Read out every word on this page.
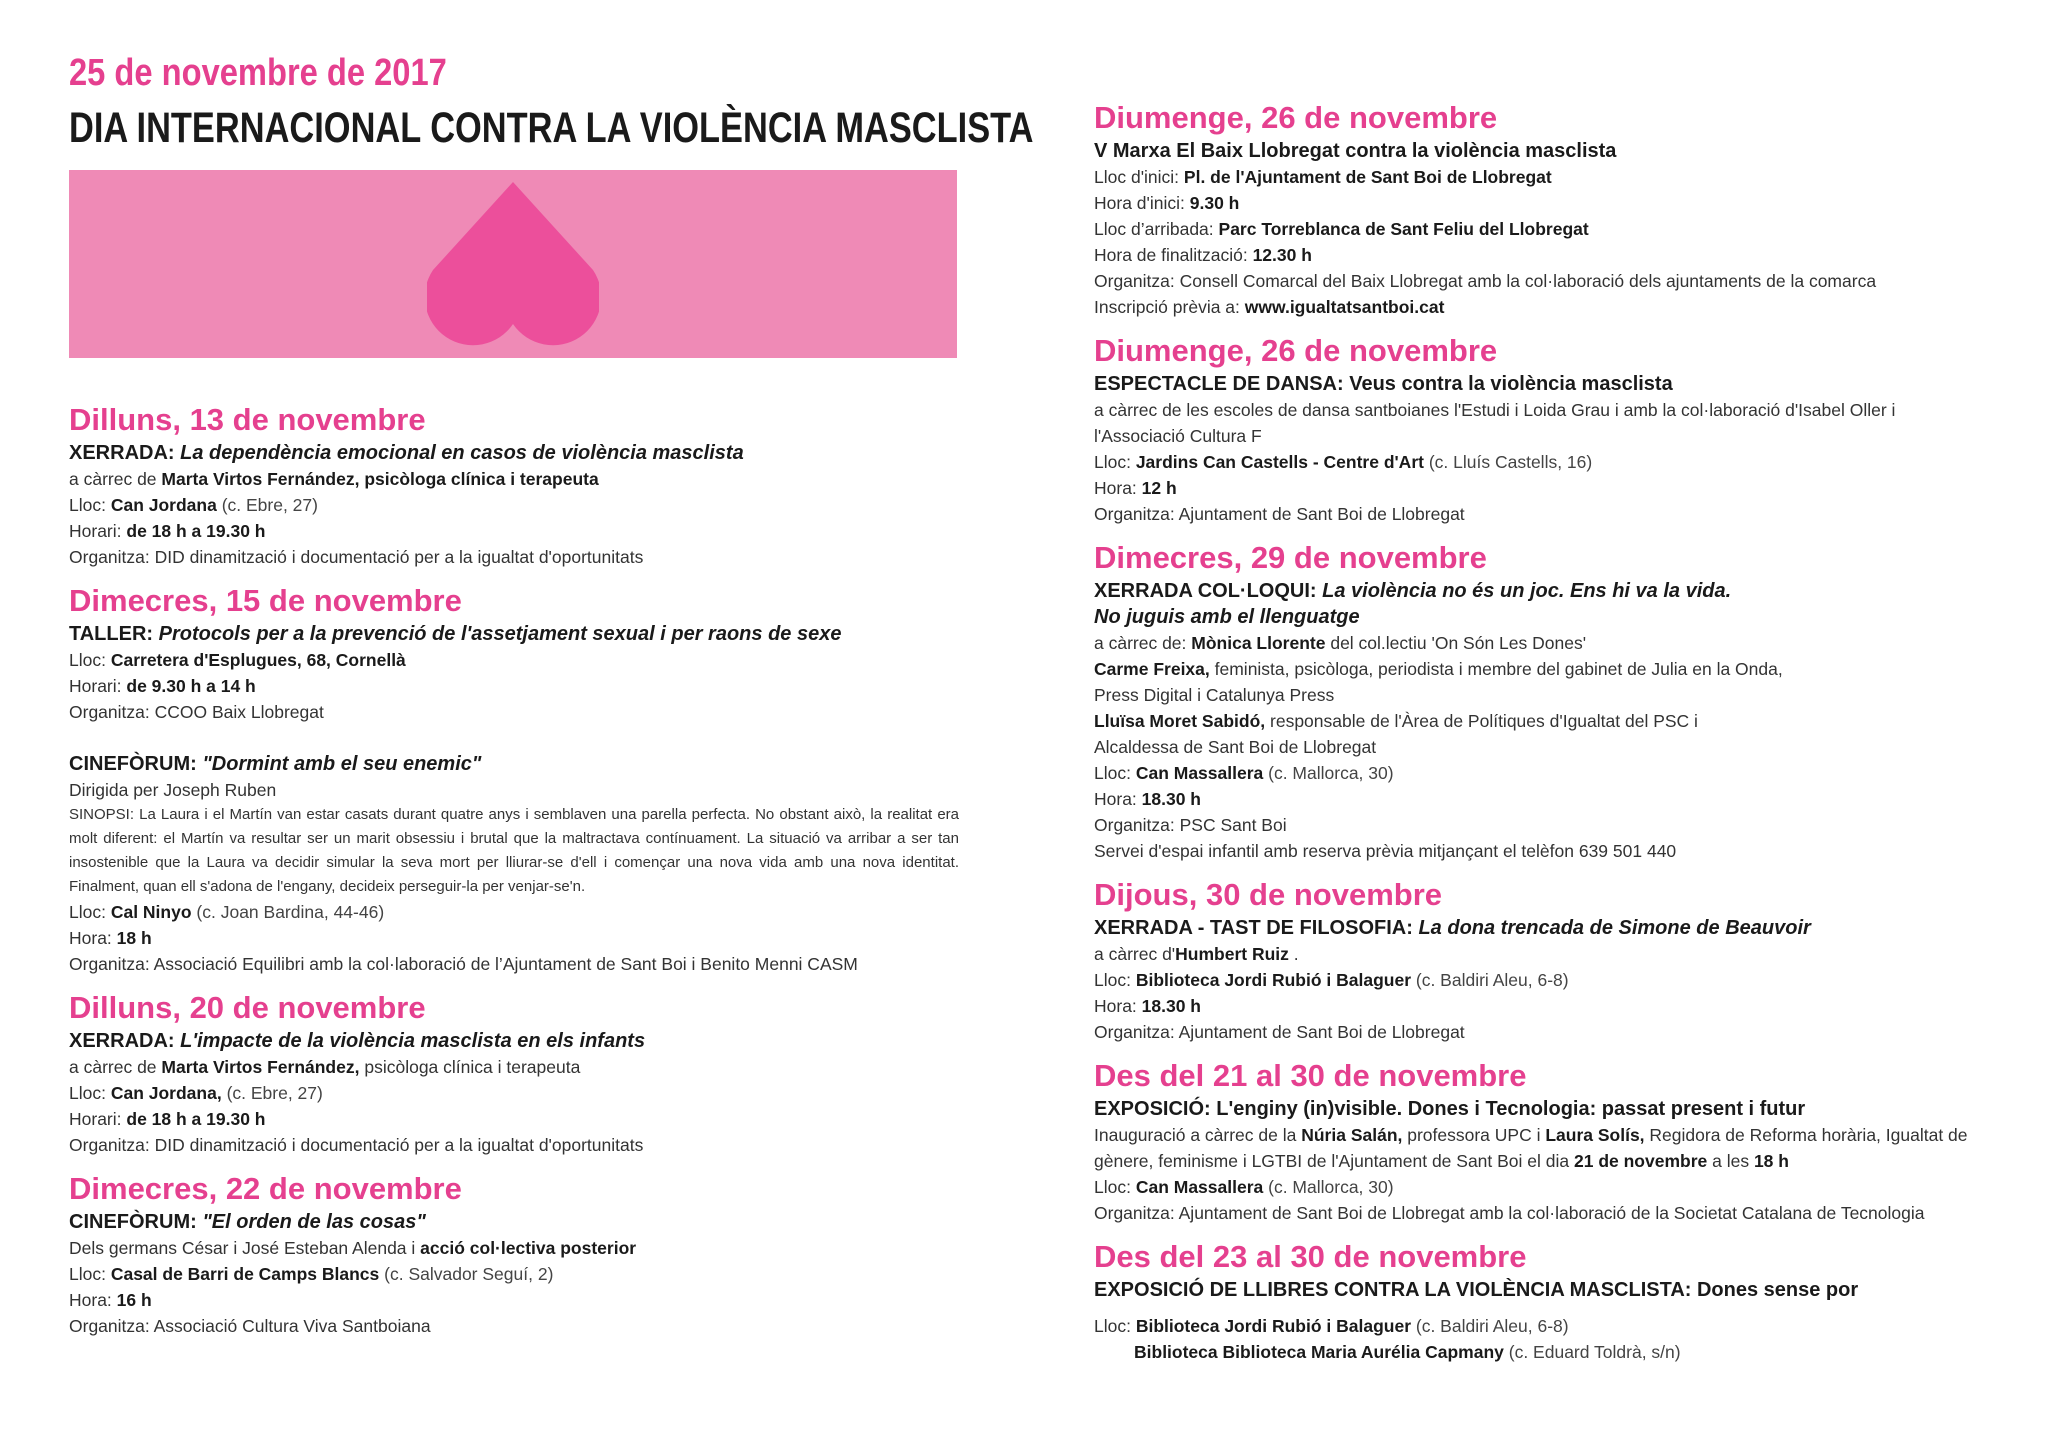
25 de novembre de 2017
DIA INTERNACIONAL CONTRA LA VIOLÈNCIA MASCLISTA
Dilluns, 13 de novembre
XERRADA: La dependència emocional en casos de violència masclista
a càrrec de Marta Virtos Fernández, psicòloga clínica i terapeuta
Lloc: Can Jordana (c. Ebre, 27)
Horari: de 18 h a 19.30 h
Organitza: DID dinamització i documentació per a la igualtat d'oportunitats
Dimecres, 15 de novembre
TALLER: Protocols per a la prevenció de l'assetjament sexual i per raons de sexe
Lloc: Carretera d'Esplugues, 68, Cornellà
Horari: de 9.30 h a 14 h
Organitza: CCOO Baix Llobregat
CINEFÒRUM: "Dormint amb el seu enemic"
Dirigida per Joseph Ruben
SINOPSI: La Laura i el Martín van estar casats durant quatre anys i semblaven una parella perfecta. No obstant això, la realitat era molt diferent: el Martín va resultar ser un marit obsessiu i brutal que la maltractava contínuament. La situació va arribar a ser tan insostenible que la Laura va decidir simular la seva mort per lliurar-se d'ell i començar una nova vida amb una nova identitat. Finalment, quan ell s'adona de l'engany, decideix perseguir-la per venjar-se'n.
Lloc: Cal Ninyo (c. Joan Bardina, 44-46)
Hora: 18 h
Organitza: Associació Equilibri amb la col·laboració de l’Ajuntament de Sant Boi i Benito Menni CASM
Dilluns, 20 de novembre
XERRADA: L'impacte de la violència masclista en els infants
a càrrec de Marta Virtos Fernández, psicòloga clínica i terapeuta
Lloc: Can Jordana, (c. Ebre, 27)
Horari: de 18 h a 19.30 h
Organitza: DID dinamització i documentació per a la igualtat d'oportunitats
Dimecres, 22 de novembre
CINEFÒRUM: "El orden de las cosas"
Dels germans César i José Esteban Alenda i acció col·lectiva posterior
Lloc: Casal de Barri de Camps Blancs (c. Salvador Seguí, 2)
Hora: 16 h
Organitza: Associació Cultura Viva Santboiana
Diumenge, 26 de novembre
V Marxa El Baix Llobregat contra la violència masclista
Lloc d'inici: Pl. de l'Ajuntament de Sant Boi de Llobregat
Hora d'inici: 9.30 h
Lloc d’arribada: Parc Torreblanca de Sant Feliu del Llobregat
Hora de finalització: 12.30 h
Organitza: Consell Comarcal del Baix Llobregat amb la col·laboració dels ajuntaments de la comarca
Inscripció prèvia a: www.igualtatsantboi.cat
Diumenge, 26 de novembre
ESPECTACLE DE DANSA: Veus contra la violència masclista
a càrrec de les escoles de dansa santboianes l'Estudi i Loida Grau i amb la col·laboració d'Isabel Oller i
l'Associació Cultura F
Lloc: Jardins Can Castells - Centre d'Art (c. Lluís Castells, 16)
Hora: 12 h
Organitza: Ajuntament de Sant Boi de Llobregat
Dimecres, 29 de novembre
XERRADA COL·LOQUI: La violència no és un joc. Ens hi va la vida.
No juguis amb el llenguatge
a càrrec de: Mònica Llorente del col.lectiu 'On Són Les Dones'
Carme Freixa, feminista, psicòloga, periodista i membre del gabinet de Julia en la Onda,
Press Digital i Catalunya Press
Lluïsa Moret Sabidó, responsable de l'Àrea de Polítiques d'Igualtat del PSC i
Alcaldessa de Sant Boi de Llobregat
Lloc: Can Massallera (c. Mallorca, 30)
Hora: 18.30 h
Organitza: PSC Sant Boi
Servei d'espai infantil amb reserva prèvia mitjançant el telèfon 639 501 440
Dijous, 30 de novembre
XERRADA - TAST DE FILOSOFIA: La dona trencada de Simone de Beauvoir
a càrrec d'Humbert Ruiz .
Lloc: Biblioteca Jordi Rubió i Balaguer (c. Baldiri Aleu, 6-8)
Hora: 18.30 h
Organitza: Ajuntament de Sant Boi de Llobregat
Des del 21 al 30 de novembre
EXPOSICIÓ: L'enginy (in)visible. Dones i Tecnologia: passat present i futur
Inauguració a càrrec de la Núria Salán, professora UPC i Laura Solís, Regidora de Reforma horària, Igualtat de
gènere, feminisme i LGTBI de l'Ajuntament de Sant Boi el dia 21 de novembre a les 18 h
Lloc: Can Massallera (c. Mallorca, 30)
Organitza: Ajuntament de Sant Boi de Llobregat amb la col·laboració de la Societat Catalana de Tecnologia
Des del 23 al 30 de novembre
EXPOSICIÓ DE LLIBRES CONTRA LA VIOLÈNCIA MASCLISTA: Dones sense por
Lloc: Biblioteca Jordi Rubió i Balaguer (c. Baldiri Aleu, 6-8)
Biblioteca Biblioteca Maria Aurélia Capmany (c. Eduard Toldrà, s/n)
